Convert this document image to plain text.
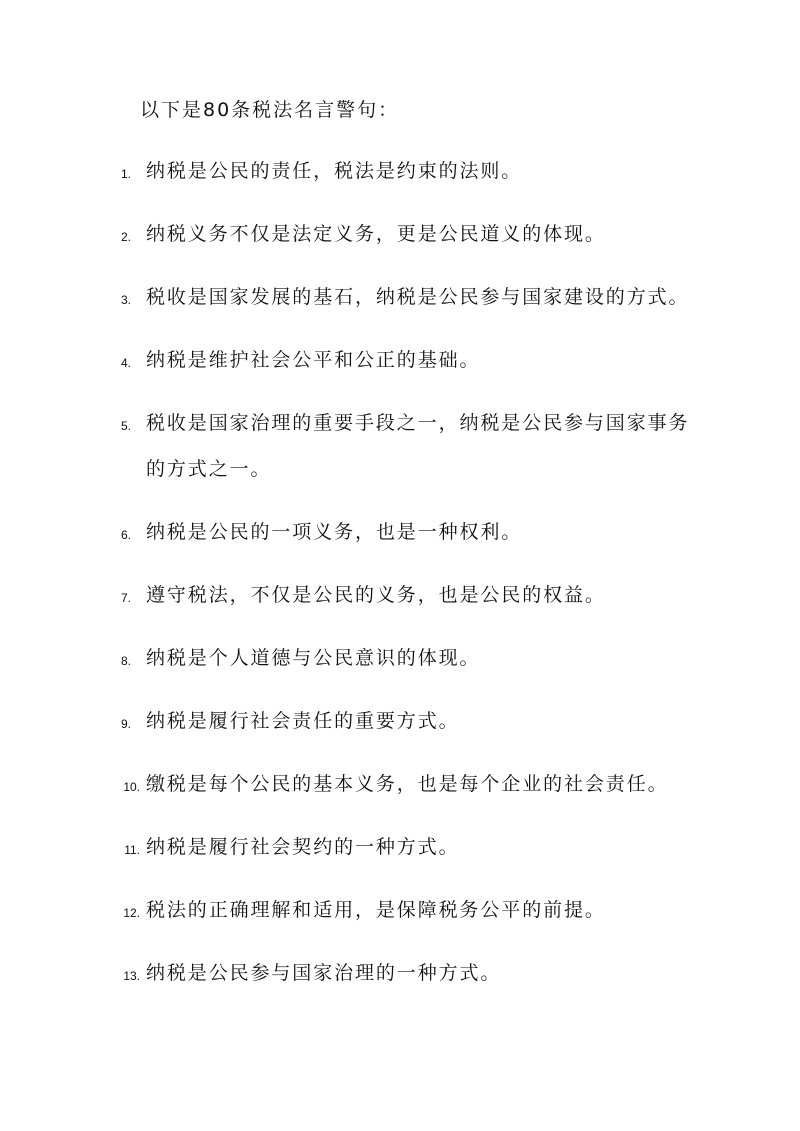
以下是80条税法名言警句：
1. 纳税是公民的责任，税法是约束的法则。
2. 纳税义务不仅是法定义务，更是公民道义的体现。
3. 税收是国家发展的基石，纳税是公民参与国家建设的方式。
4. 纳税是维护社会公平和公正的基础。
5. 税收是国家治理的重要手段之一，纳税是公民参与国家事务
的方式之一。
6. 纳税是公民的一项义务，也是一种权利。
7. 遵守税法，不仅是公民的义务，也是公民的权益。
8. 纳税是个人道德与公民意识的体现。
9. 纳税是履行社会责任的重要方式。
10. 缴税是每个公民的基本义务，也是每个企业的社会责任。
11. 纳税是履行社会契约的一种方式。
12. 税法的正确理解和适用，是保障税务公平的前提。
13. 纳税是公民参与国家治理的一种方式。
